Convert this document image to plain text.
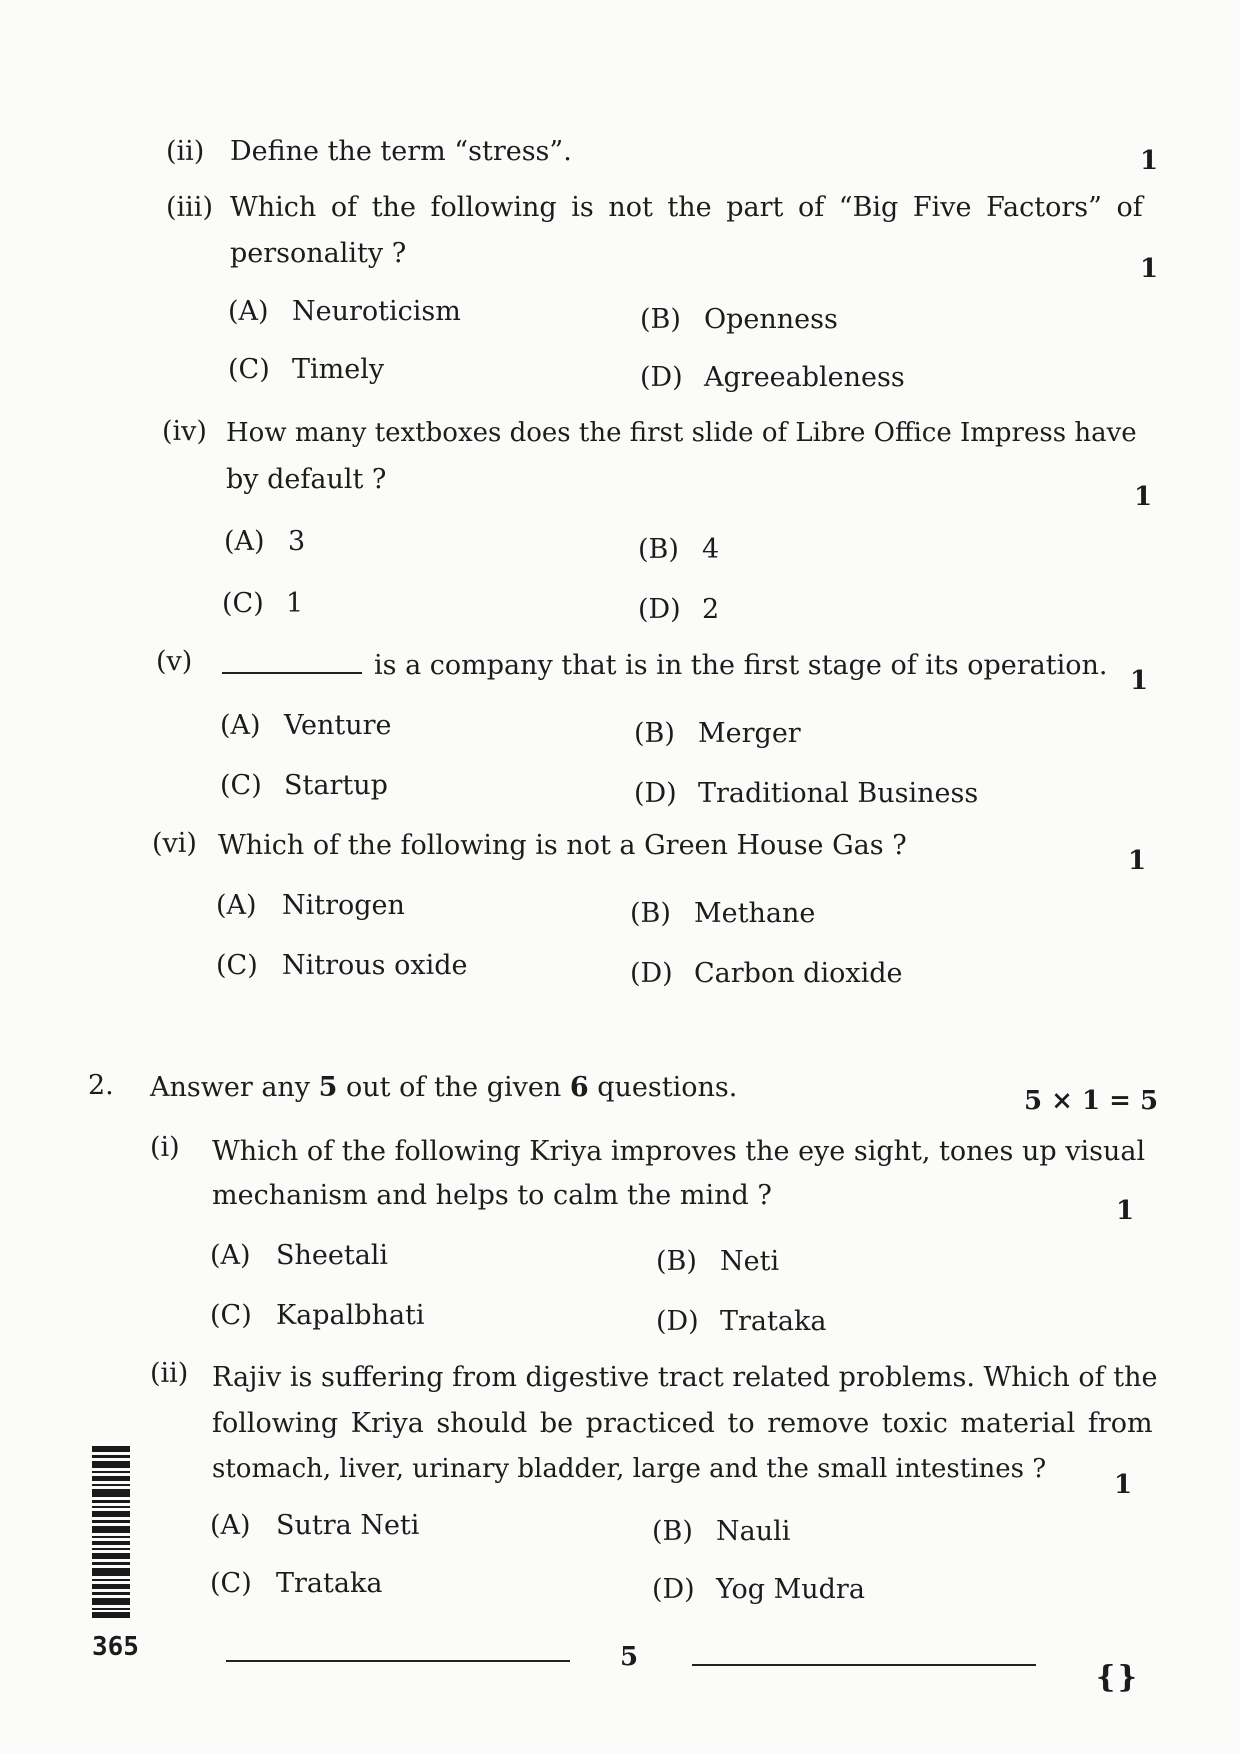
(ii) Define the term “stress”.	1
(iii) Which of the following is not the part of “Big Five Factors” of
personality ?	1
(A) Neuroticism	(B) Openness
(C) Timely	(D) Agreeableness
(iv) How many textboxes does the first slide of Libre Office Impress have
by default ?
1
(A) 3	(B) 4
(C) 1	(D) 2
(v)	is a company that is in the first stage of its operation. 1
(A) Venture	(B) Merger
(C) Startup	(D) Traditional Business
(vi) Which of the following is not a Green House Gas ?	1
(A) Nitrogen	(B) Methane
(C) Nitrous oxide	(D) Carbon dioxide
2. Answer any 5 out of the given 6 questions.	5 × 1 = 5
(i) Which of the following Kriya improves the eye sight, tones up visual
mechanism and helps to calm the mind ?	1
(A) Sheetali	(B) Neti
(C) Kapalbhati	(D) Trataka
(ii) Rajiv is suffering from digestive tract related problems. Which of the
following Kriya should be practiced to remove toxic material from
stomach, liver, urinary bladder, large and the small intestines ?
1
(A) Sutra Neti	(B) Nauli
(C) Trataka	(D) Yog Mudra
365	5
{ }
